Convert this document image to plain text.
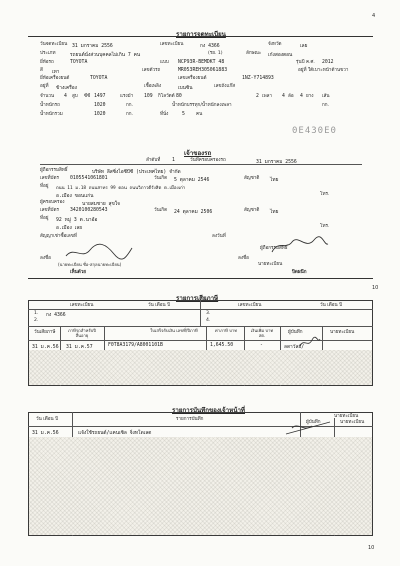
4
รายการจดทะเบียน
วันจดทะเบียน 31 มกราคม 2556	เลขทะเบียน	กง 4366	จังหวัด	เลย
ประเภท	รถยนต์นั่งส่วนบุคคลไม่เกิน 7 คน	(รย. 1)	ลักษณะ เก๋งสองตอน
ยี่ห้อรถ	TOYOTA	แบบ NCP93R-BEMDKT 48	รุ่นปี ค.ศ. 2012
สี เทา	เลขตัวรถ	MR053REH305061883	อยู่ที่ ใต้เบาะหน้าด้านขวา
ยี่ห้อเครื่องยนต์	TOYOTA	เลขเครื่องยนต์	1NZ-Y714893
อยู่ที่ ข้างเครื่อง	เชื้อเพลิง	เบนซิน	เลขถังแก๊ส
จำนวน 4 สูบ ซีซี 1497	แรงม้า 109 กิโลวัตต์ 80	เพลา
2	4 ล้อ 4 ยาง เส้น
น้ำหนักรถ	1020	กก.	น้ำหนักบรรทุก/น้ำหนักลงเพลา	กก.
น้ำหนักรวม	1020	กก.	ที่นั่ง	5 คน
0E430E0
เจ้าของรถ
ลำดับที่ 1	วันที่ครอบครองรถ	31 มกราคม 2556
ผู้ถือกรรมสิทธิ์	บริษัท ลีสซิ่งไอซีบีซี (ประเทศไทย) จำกัด
เลขที่บัตร 0105541061801	วันเกิด 5 ตุลาคม 2546	สัญชาติ ไทย
ที่อยู่ ถนน 11 ม.18 ถนนสาทร 99 ดอน ถนนวิภาวดีรังสิต ต.เมืองเก่า
อ.เมือง ขอนแก่น	โทร.
ผู้ครอบครอง	นายสมชาย สุขใจ
เลขที่บัตร 3420100280543	วันเกิด 24 ตุลาคม 2506	สัญชาติ ไทย
ที่อยู่ 92 หมู่ 3 ต.นาอ้อ
อ.เมือง เลย	โทร.
สัญญาเช่าซื้อเลขที่	ลงวันที่
ผู้ถือกรรมสิทธิ์
ลงชื่อ	ลงชื่อ
(นายทะเบียน ชื่อ-สกุลนายทะเบียน)
เห็นด้วย
นายทะเบียน
ปิดผนึก
10
รายการเสียภาษี
เลขทะเบียน	วัน เดือน ปี	เลขทะเบียน	วัน เดือน ปี
1. กง 4366	3.
2.	4.
วันเสียภาษี	ภาษีรถสำหรับปี สิ้นอายุ
ใบเสร็จรับเงิน เลขที่/ปีภาษี	ค่าภาษี บาท	เงินเพิ่ม บาท สต.
ผู้บันทึก	นายทะเบียน
31 ม.ค.56 31 ม.ค.57	F0T8A3179/A8001101B	1,645.50	-	ลดาวัลย์/
รายการบันทึกของเจ้าหน้าที่
วัน เดือน ปี	รายการบันทึก
นายทะเบียน
ผู้บันทึก	นายทะเบียน
31 ม.ค.56	แจ้งใช้รถยนต์/แคนเซิล จิ่งทโดเลต
10
